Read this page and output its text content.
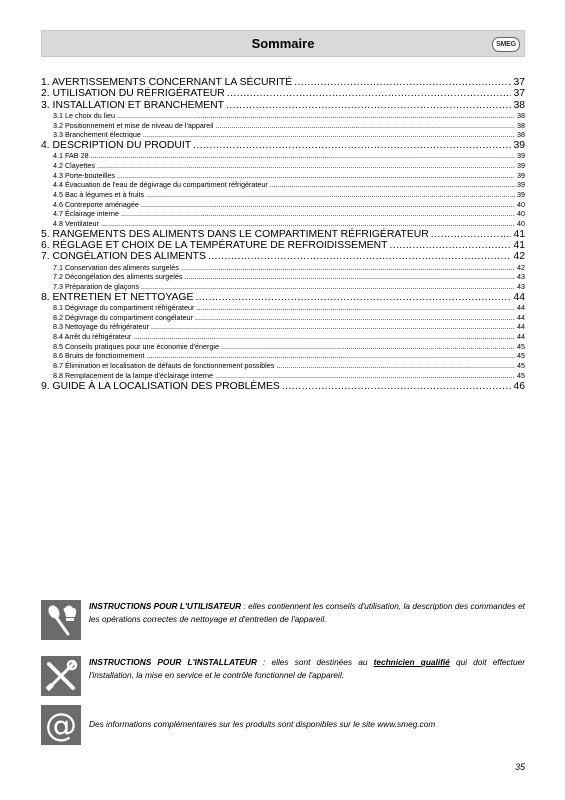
Sommaire	SMEG
1. AVERTISSEMENTS CONCERNANT LA SÉCURITÉ .....	37
2. UTILISATION DU RÉFRIGÉRATEUR .....	37
3. INSTALLATION ET BRANCHEMENT .....	38
3.1 Le choix du lieu .....	38
3.2 Positionnement et mise de niveau de l'appareil .....	38
3.3 Branchement électrique .....	38
4. DESCRIPTION DU PRODUIT .....	39
4.1 FAB 28 .....	39
4.2 Clayettes .....	39
4.3 Porte-bouteilles .....	39
4.4 Évacuation de l'eau de dégivrage du compartiment réfrigérateur .....	39
4.5 Bac à légumes et à fruits .....	39
4.6 Contreporte aménagée .....	40
4.7 Éclairage interne .....	40
4.8 Ventilateur .....	40
5. RANGEMENTS DES ALIMENTS DANS LE COMPARTIMENT RÉFRIGÉRATEUR .....	41
6. RÉGLAGE ET CHOIX DE LA TEMPÉRATURE DE REFROIDISSEMENT .....	41
7. CONGÉLATION DES ALIMENTS .....	42
7.1 Conservation des aliments surgelés .....	42
7.2 Décongélation des aliments surgelés .....	43
7.3 Préparation de glaçons .....	43
8. ENTRETIEN ET NETTOYAGE .....	44
8.1 Dégivrage du compartiment réfrigérateur .....	44
8.2 Dégivrage du compartiment congélateur .....	44
8.3 Nettoyage du réfrigérateur .....	44
8.4 Arrêt du réfrigérateur .....	44
8.5 Conseils pratiques pour une économie d'énergie .....	45
8.6 Bruits de fonctionnement .....	45
8.7 Élimination et localisation de défauts de fonctionnement possibles .....	45
8.8 Remplacement de la lampe d'éclairage interne .....	45
9. GUIDE À LA LOCALISATION DES PROBLÈMES .....	46
INSTRUCTIONS POUR L'UTILISATEUR : elles contiennent les conseils d'utilisation, la description des commandes et les opérations correctes de nettoyage et d'entretien de l'appareil.
INSTRUCTIONS POUR L'INSTALLATEUR : elles sont destinées au technicien qualifié qui doit effectuer l'installation, la mise en service et le contrôle fonctionnel de l'appareil.
@ Des informations complémentaires sur les produits sont disponibles sur le site www.smeg.com
35
